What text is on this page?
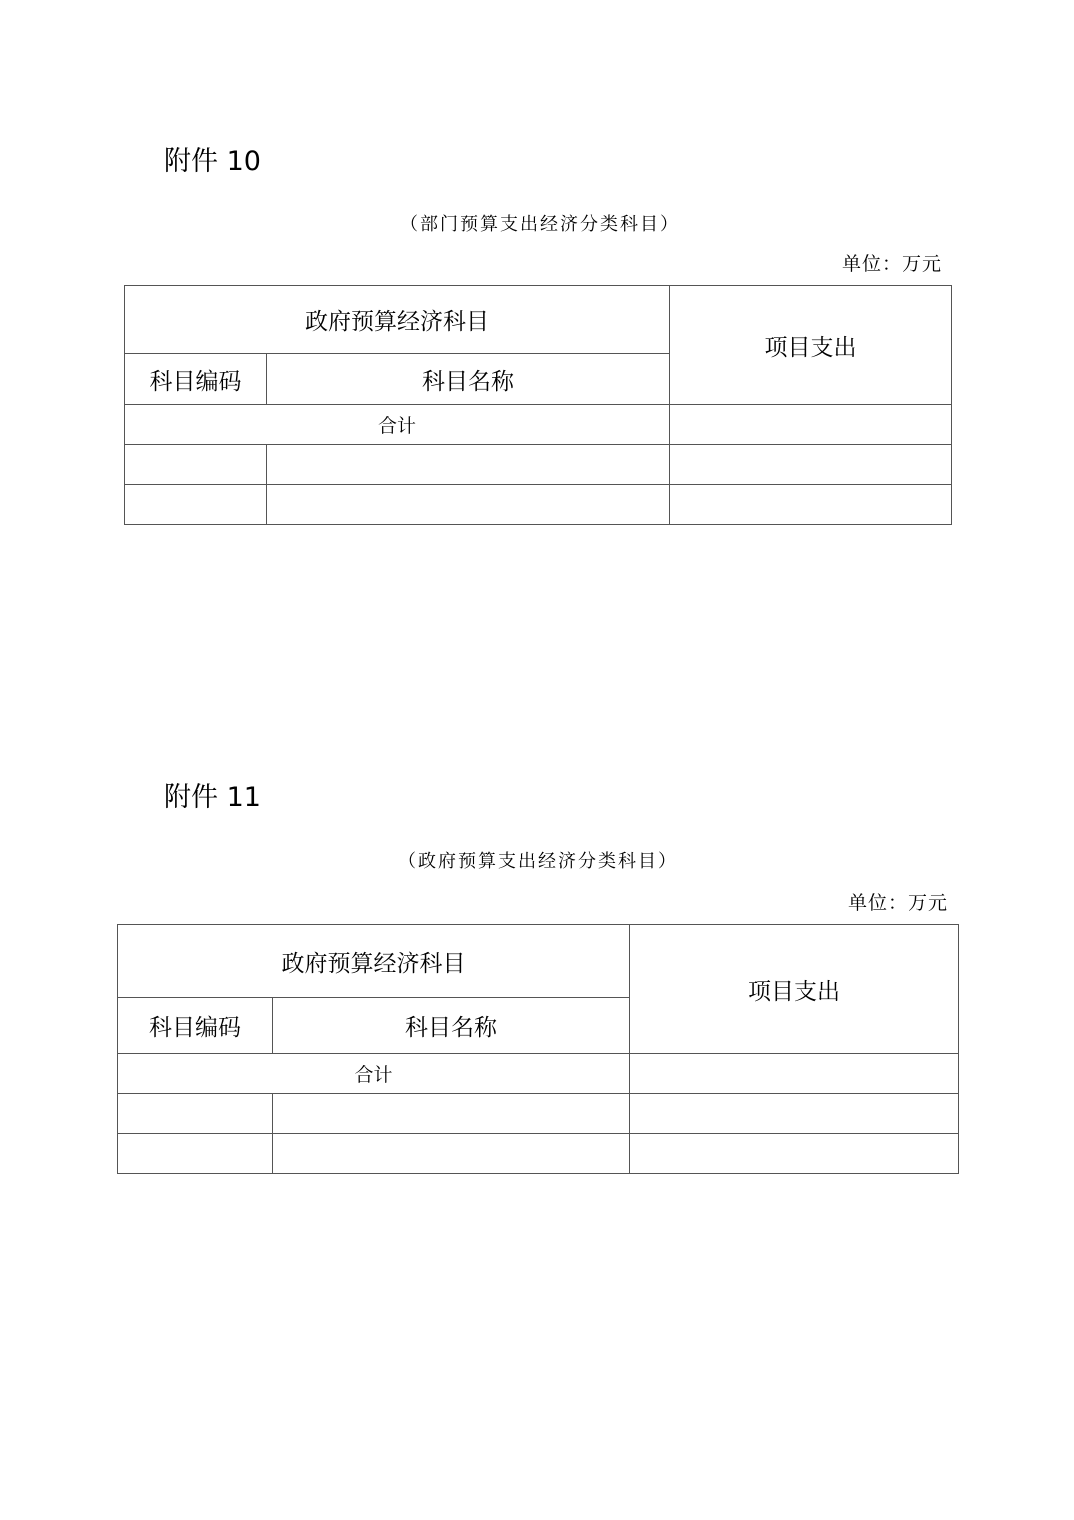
附件 10
（部门预算支出经济分类科目）
单位：万元
政府预算经济科目		项目支出
科目编码	科目名称	
合计		

附件 11
（政府预算支出经济分类科目）
单位：万元
政府预算经济科目		项目支出
科目编码	科目名称	
合计		
